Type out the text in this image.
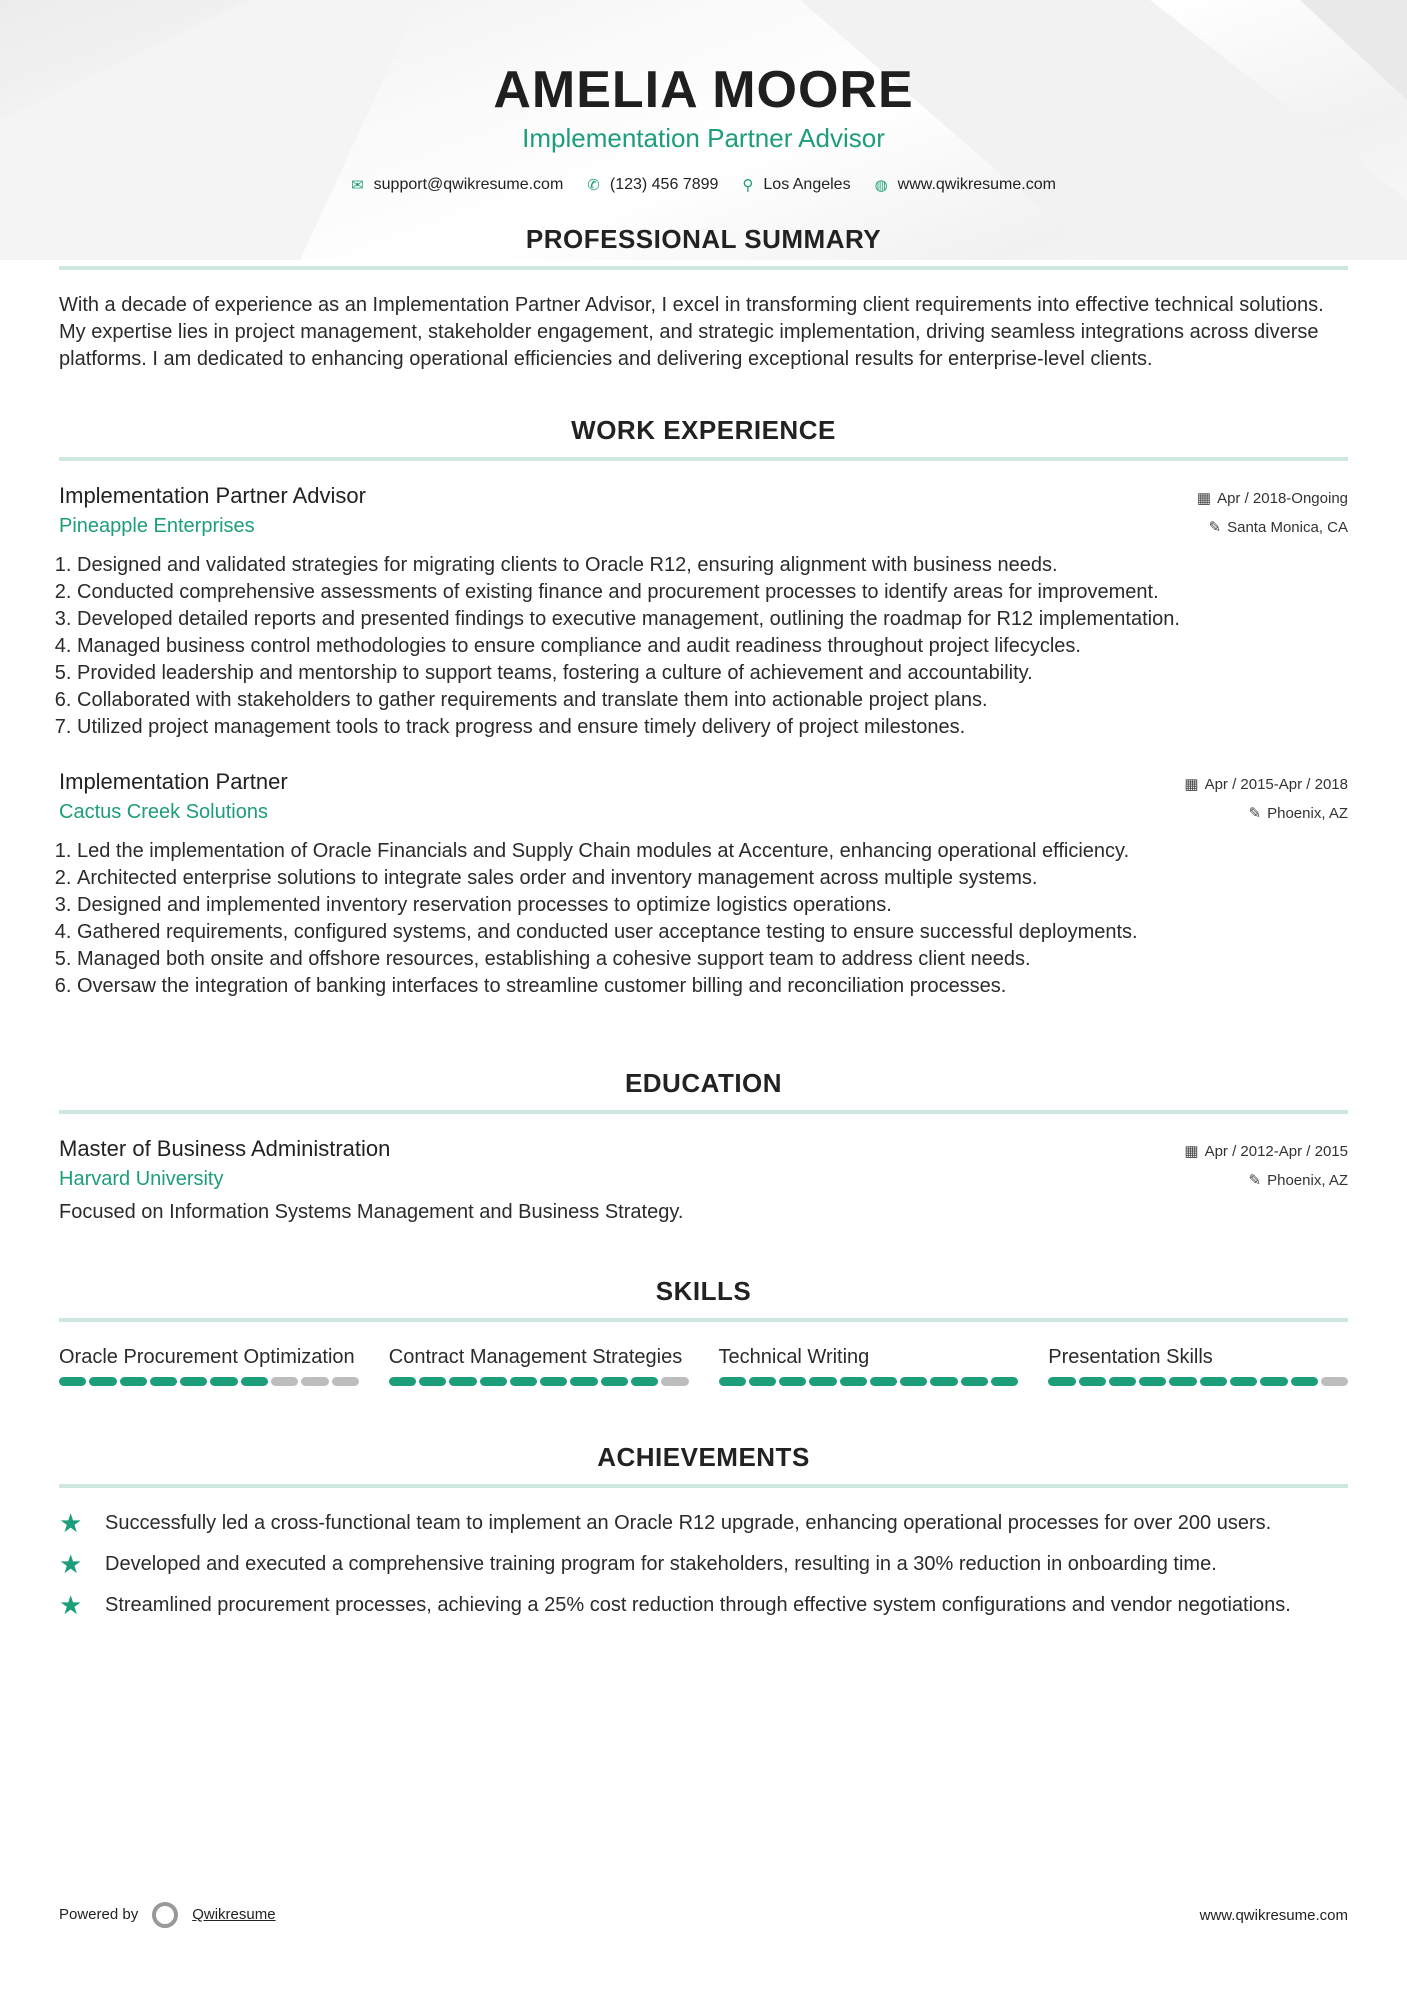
AMELIA MOORE
Implementation Partner Advisor
✉ support@qwikresume.com ✆ (123) 456 7899 ⚲ Los Angeles ◍ www.qwikresume.com
PROFESSIONAL SUMMARY

With a decade of experience as an Implementation Partner Advisor, I excel in transforming client requirements into effective technical solutions. My expertise lies in project management, stakeholder engagement, and strategic implementation, driving seamless integrations across diverse platforms. I am dedicated to enhancing operational efficiencies and delivering exceptional results for enterprise-level clients.

WORK EXPERIENCE
Implementation Partner Advisor	▦ Apr / 2018-Ongoing
Pineapple Enterprises	✎ Santa Monica, CA
1. Designed and validated strategies for migrating clients to Oracle R12, ensuring alignment with business needs.
2. Conducted comprehensive assessments of existing finance and procurement processes to identify areas for improvement.
3. Developed detailed reports and presented findings to executive management, outlining the roadmap for R12 implementation.
4. Managed business control methodologies to ensure compliance and audit readiness throughout project lifecycles.
5. Provided leadership and mentorship to support teams, fostering a culture of achievement and accountability.
6. Collaborated with stakeholders to gather requirements and translate them into actionable project plans.
7. Utilized project management tools to track progress and ensure timely delivery of project milestones.
Implementation Partner	▦ Apr / 2015-Apr / 2018
Cactus Creek Solutions	✎ Phoenix, AZ
1. Led the implementation of Oracle Financials and Supply Chain modules at Accenture, enhancing operational efficiency.
2. Architected enterprise solutions to integrate sales order and inventory management across multiple systems.
3. Designed and implemented inventory reservation processes to optimize logistics operations.
4. Gathered requirements, configured systems, and conducted user acceptance testing to ensure successful deployments.
5. Managed both onsite and offshore resources, establishing a cohesive support team to address client needs.
6. Oversaw the integration of banking interfaces to streamline customer billing and reconciliation processes.
EDUCATION
Master of Business Administration	▦ Apr / 2012-Apr / 2015
Harvard University	✎ Phoenix, AZ

Focused on Information Systems Management and Business Strategy.

SKILLS
Oracle Procurement Optimization Contract Management Strategies	Technical Writing	Presentation Skills
ACHIEVEMENTS
★	Successfully led a cross-functional team to implement an Oracle R12 upgrade, enhancing operational processes for over 200 users.
★	Developed and executed a comprehensive training program for stakeholders, resulting in a 30% reduction in onboarding time.
★	Streamlined procurement processes, achieving a 25% cost reduction through effective system configurations and vendor negotiations.
Powered by	Qwikresume	www.qwikresume.com
